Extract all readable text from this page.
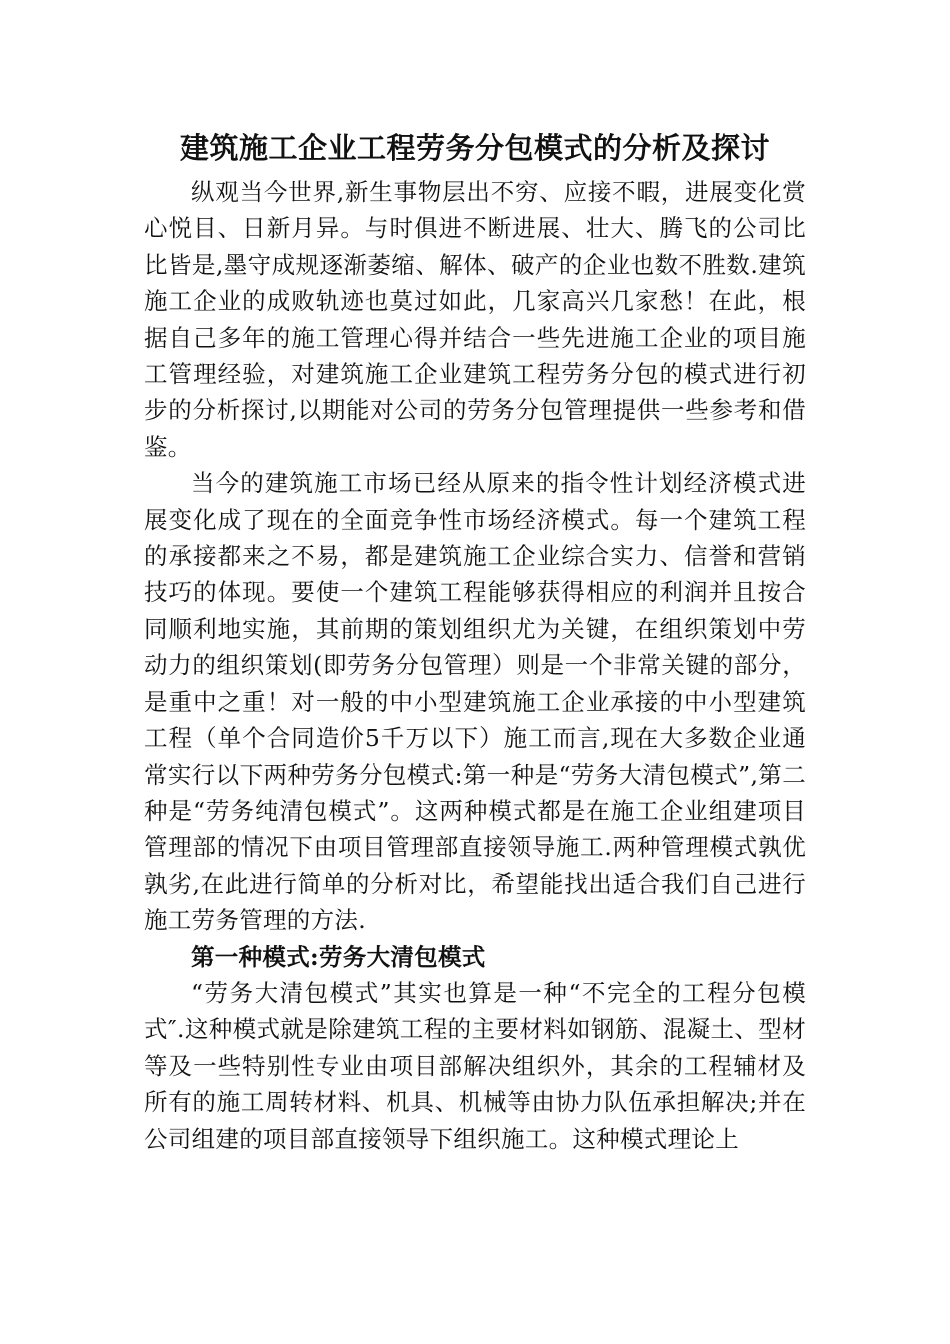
建筑施工企业工程劳务分包模式的分析及探讨

纵观当今世界,新生事物层出不穷、应接不暇，进展变化赏心悦目、日新月异。与时俱进不断进展、壮大、腾飞的公司比比皆是,墨守成规逐渐萎缩、解体、破产的企业也数不胜数.建筑施工企业的成败轨迹也莫过如此，几家高兴几家愁！在此，根据自己多年的施工管理心得并结合一些先进施工企业的项目施工管理经验，对建筑施工企业建筑工程劳务分包的模式进行初步的分析探讨,以期能对公司的劳务分包管理提供一些参考和借鉴。

当今的建筑施工市场已经从原来的指令性计划经济模式进展变化成了现在的全面竞争性市场经济模式。每一个建筑工程的承接都来之不易，都是建筑施工企业综合实力、信誉和营销技巧的体现。要使一个建筑工程能够获得相应的利润并且按合同顺利地实施，其前期的策划组织尤为关键，在组织策划中劳动力的组织策划(即劳务分包管理）则是一个非常关键的部分，是重中之重！对一般的中小型建筑施工企业承接的中小型建筑工程（单个合同造价5千万以下）施工而言,现在大多数企业通常实行以下两种劳务分包模式:第一种是“劳务大清包模式”,第二种是“劳务纯清包模式”。这两种模式都是在施工企业组建项目管理部的情况下由项目管理部直接领导施工.两种管理模式孰优孰劣,在此进行简单的分析对比，希望能找出适合我们自己进行施工劳务管理的方法.

第一种模式:劳务大清包模式

“劳务大清包模式”其实也算是一种“不完全的工程分包模式″.这种模式就是除建筑工程的主要材料如钢筋、混凝土、型材等及一些特别性专业由项目部解决组织外，其余的工程辅材及所有的施工周转材料、机具、机械等由协力队伍承担解决;并在公司组建的项目部直接领导下组织施工。这种模式理论上
